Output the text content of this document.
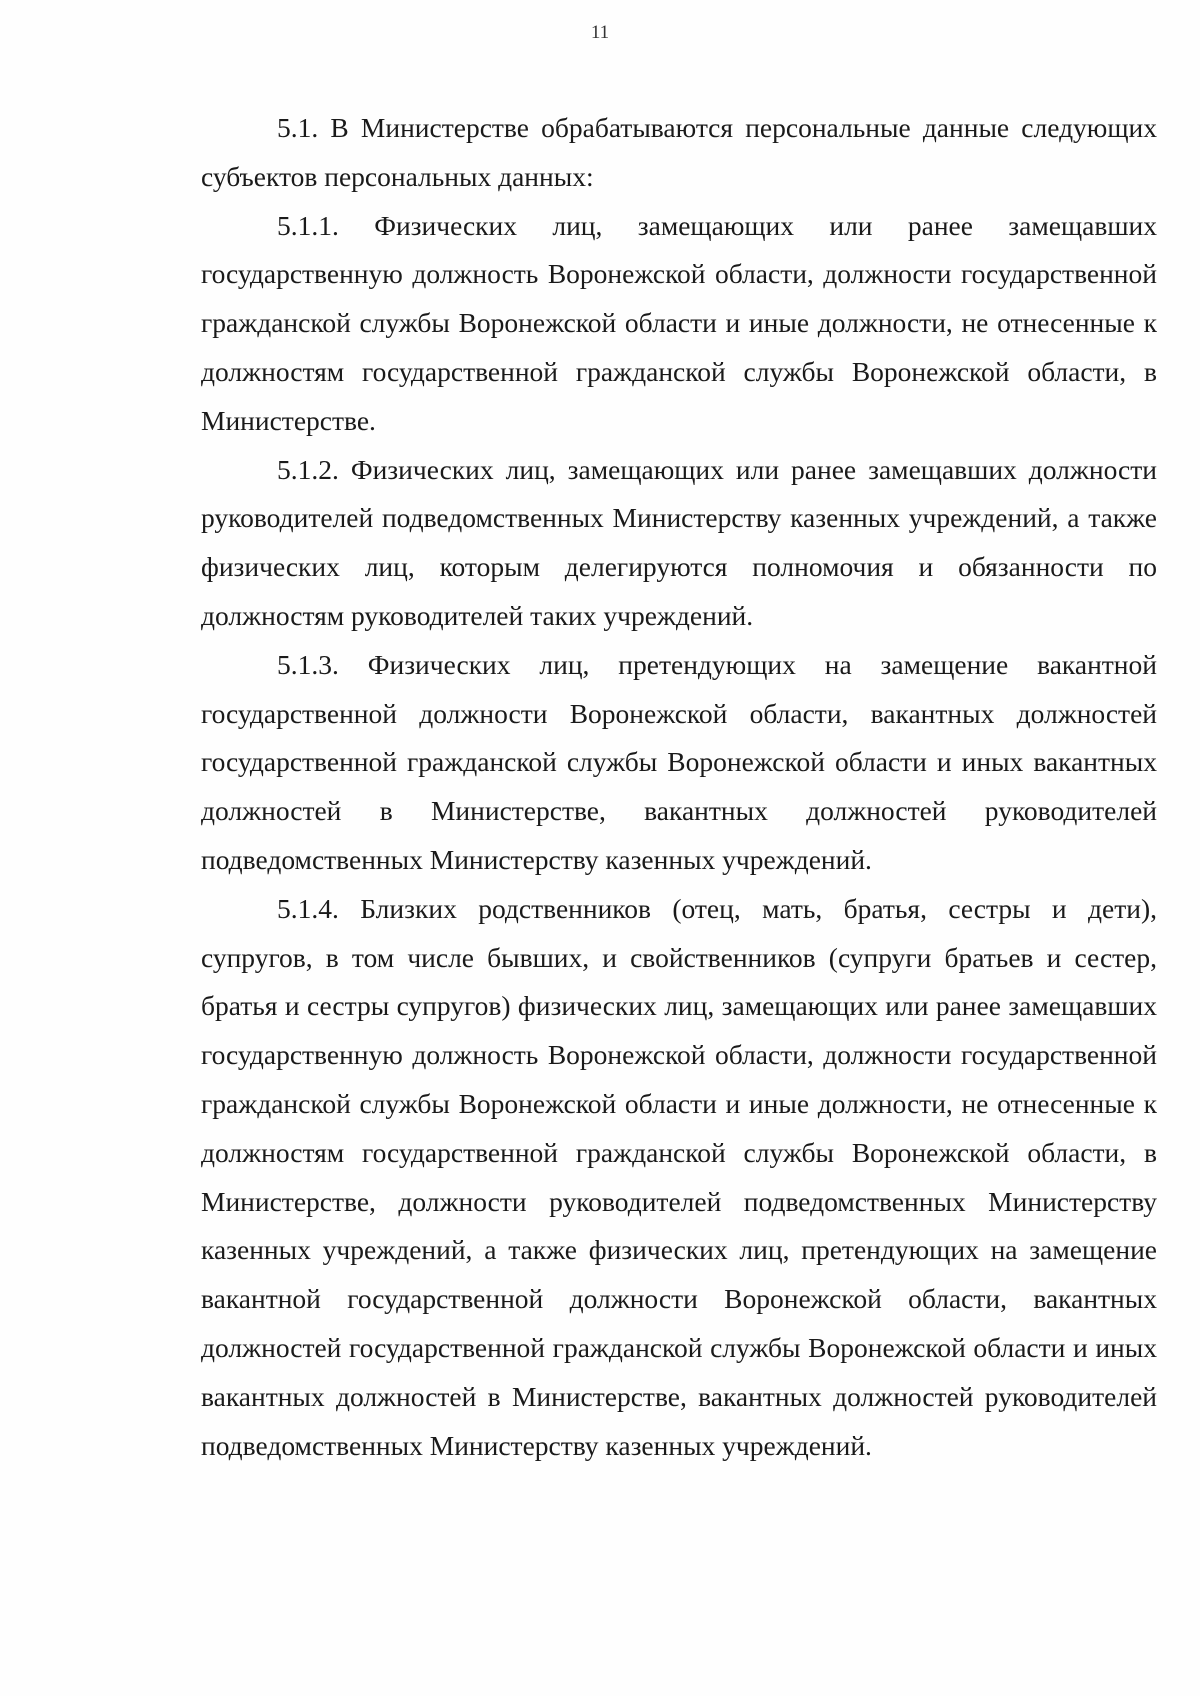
11

5.1. В Министерстве обрабатываются персональные данные следующих субъектов персональных данных:

5.1.1. Физических лиц, замещающих или ранее замещавших государственную должность Воронежской области, должности государственной гражданской службы Воронежской области и иные должности, не отнесенные к должностям государственной гражданской службы Воронежской области, в Министерстве.

5.1.2. Физических лиц, замещающих или ранее замещавших должности руководителей подведомственных Министерству казенных учреждений, а также физических лиц, которым делегируются полномочия и обязанности по должностям руководителей таких учреждений.

5.1.3. Физических лиц, претендующих на замещение вакантной государственной должности Воронежской области, вакантных должностей государственной гражданской службы Воронежской области и иных вакантных должностей в Министерстве, вакантных должностей руководителей подведомственных Министерству казенных учреждений.

5.1.4. Близких родственников (отец, мать, братья, сестры и дети), супругов, в том числе бывших, и свойственников (супруги братьев и сестер, братья и сестры супругов) физических лиц, замещающих или ранее замещавших государственную должность Воронежской области, должности государственной гражданской службы Воронежской области и иные должности, не отнесенные к должностям государственной гражданской службы Воронежской области, в Министерстве, должности руководителей подведомственных Министерству казенных учреждений, а также физических лиц, претендующих на замещение вакантной государственной должности Воронежской области, вакантных должностей государственной гражданской службы Воронежской области и иных вакантных должностей в Министерстве, вакантных должностей руководителей подведомственных Министерству казенных учреждений.
